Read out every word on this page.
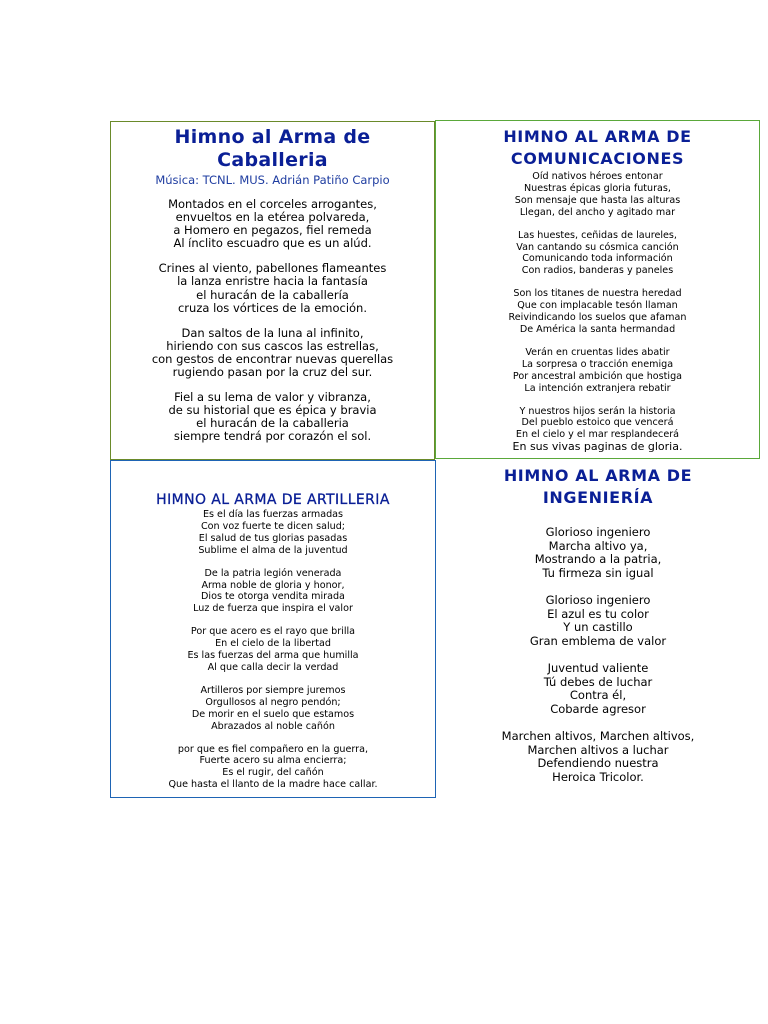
Himno al Arma de
Caballeria
Música: TCNL. MUS. Adrián Patiño Carpio

Montados en el corceles arrogantes,
envueltos en la etérea polvareda,
a Homero en pegazos, fiel remeda
Al ínclito escuadro que es un alúd.

Crines al viento, pabellones flameantes
la lanza enristre hacia la fantasía
el huracán de la caballería
cruza los vórtices de la emoción.

Dan saltos de la luna al infinito,
hiriendo con sus cascos las estrellas,
con gestos de encontrar nuevas querellas
rugiendo pasan por la cruz del sur.

Fiel a su lema de valor y vibranza,
de su historial que es épica y bravia
el huracán de la caballeria
siempre tendrá por corazón el sol.

HIMNO AL ARMA DE
COMUNICACIONES

Oíd nativos héroes entonar
Nuestras épicas gloria futuras,
Son mensaje que hasta las alturas
Llegan, del ancho y agitado mar

Las huestes, ceñidas de laureles,
Van cantando su cósmica canción
Comunicando toda información
Con radios, banderas y paneles

Son los titanes de nuestra heredad
Que con implacable tesón llaman
Reivindicando los suelos que afaman
De América la santa hermandad

Verán en cruentas lides abatir
La sorpresa o tracción enemiga
Por ancestral ambición que hostiga
La intención extranjera rebatir

Y nuestros hijos serán la historia
Del pueblo estoico que vencerá
En el cielo y el mar resplandecerá
En sus vivas paginas de gloria.

HIMNO AL ARMA DE ARTILLERIA

Es el día las fuerzas armadas
Con voz fuerte te dicen salud;
El salud de tus glorias pasadas
Sublime el alma de la juventud

De la patria legión venerada
Arma noble de gloria y honor,
Dios te otorga vendita mirada
Luz de fuerza que inspira el valor

Por que acero es el rayo que brilla
En el cielo de la libertad
Es las fuerzas del arma que humilla
Al que calla decir la verdad

Artilleros por siempre juremos
Orgullosos al negro pendón;
De morir en el suelo que estamos
Abrazados al noble cañón

por que es fiel compañero en la guerra,
Fuerte acero su alma encierra;
Es el rugir, del cañón
Que hasta el llanto de la madre hace callar.

HIMNO AL ARMA DE
INGENIERÍA

Glorioso ingeniero
Marcha altivo ya,
Mostrando a la patria,
Tu firmeza sin igual

Glorioso ingeniero
El azul es tu color
Y un castillo
Gran emblema de valor

Juventud valiente
Tú debes de luchar
Contra él,
Cobarde agresor

Marchen altivos, Marchen altivos,
Marchen altivos a luchar
Defendiendo nuestra
Heroica Tricolor.
